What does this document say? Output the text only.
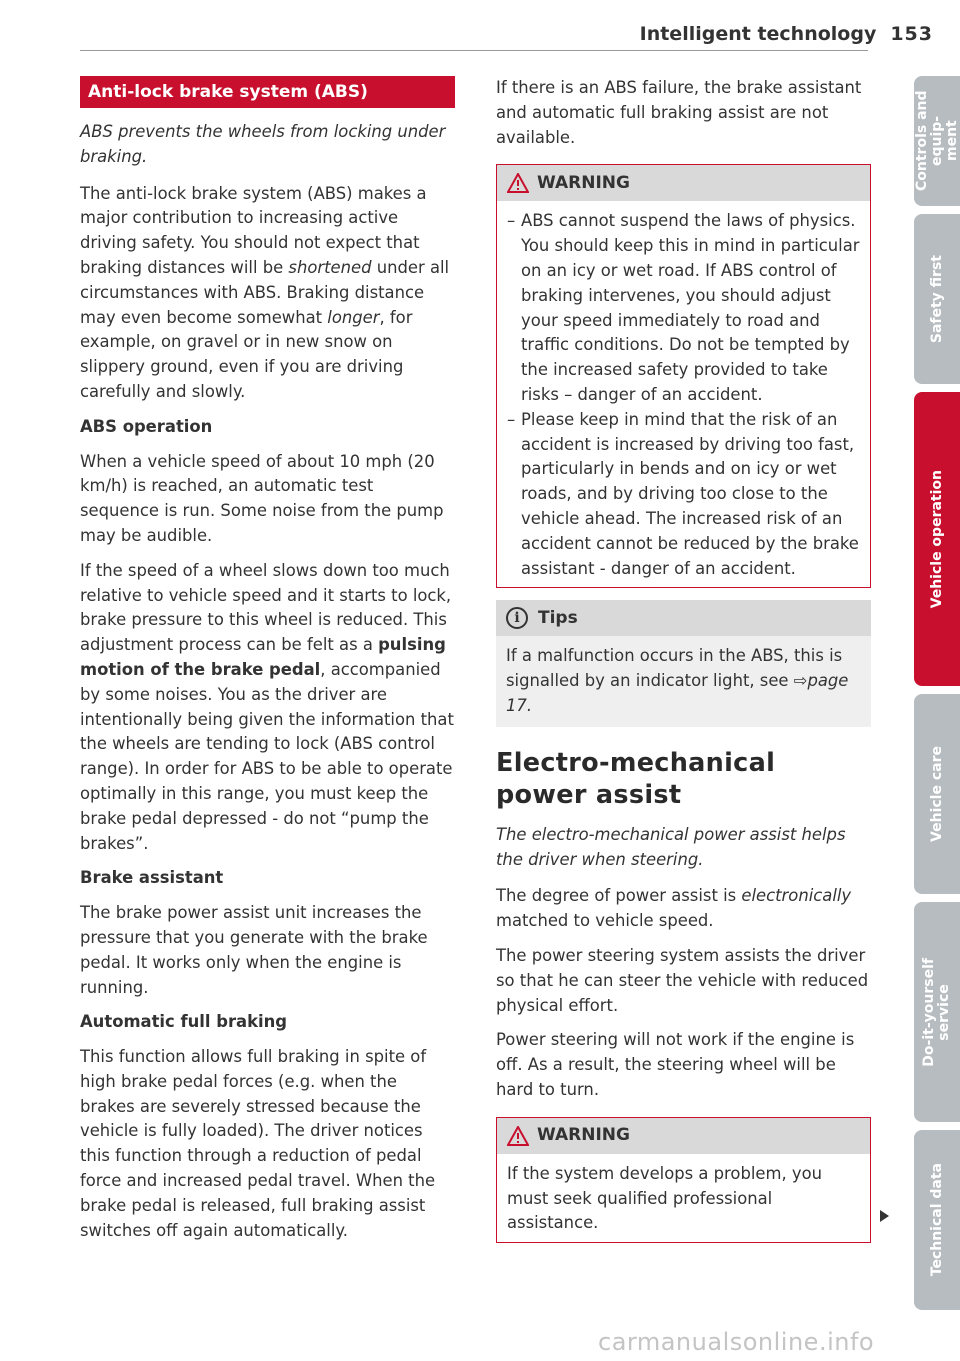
Intelligent technology 153
Anti-lock brake system (ABS)

ABS prevents the wheels from locking under braking.

The anti-lock brake system (ABS) makes a major contribution to increasing active driving safety. You should not expect that braking distances will be shortened under all circumstances with ABS. Braking distance may even become somewhat longer, for example, on gravel or in new snow on slippery ground, even if you are driving carefully and slowly.

ABS operation

When a vehicle speed of about 10 mph (20 km/h) is reached, an automatic test sequence is run. Some noise from the pump may be audible.

If the speed of a wheel slows down too much relative to vehicle speed and it starts to lock, brake pressure to this wheel is reduced. This adjustment process can be felt as a pulsing motion of the brake pedal, accompanied by some noises. You as the driver are intentionally being given the information that the wheels are tending to lock (ABS control range). In order for ABS to be able to operate optimally in this range, you must keep the brake pedal depressed - do not “pump the brakes”.

Brake assistant

The brake power assist unit increases the pressure that you generate with the brake pedal. It works only when the engine is running.

Automatic full braking

This function allows full braking in spite of high brake pedal forces (e.g. when the brakes are severely stressed because the vehicle is fully loaded). The driver notices this function through a reduction of pedal force and increased pedal travel. When the brake pedal is released, full braking assist switches off again automatically.

If there is an ABS failure, the brake assistant and automatic full braking assist are not available.

WARNING
– ABS cannot suspend the laws of physics. You should keep this in mind in particular on an icy or wet road. If ABS control of braking intervenes, you should adjust your speed immediately to road and traffic conditions. Do not be tempted by the increased safety provided to take risks – danger of an accident.
– Please keep in mind that the risk of an accident is increased by driving too fast, particularly in bends and on icy or wet roads, and by driving too close to the vehicle ahead. The increased risk of an accident cannot be reduced by the brake assistant - danger of an accident.
i	Tips
If a malfunction occurs in the ABS, this is signalled by an indicator light, see ⇨page 17.
Electro-mechanical power assist

The electro-mechanical power assist helps the driver when steering.

The degree of power assist is electronically matched to vehicle speed.

The power steering system assists the driver so that he can steer the vehicle with reduced physical effort.

Power steering will not work if the engine is off. As a result, the steering wheel will be hard to turn.

WARNING
If the system develops a problem, you must seek qualified professional assistance.
Controls and equip-
ment
Safety first
Vehicle operation
Vehicle care
Do-it-yourself
service
Technical data
carmanualsonline.info
